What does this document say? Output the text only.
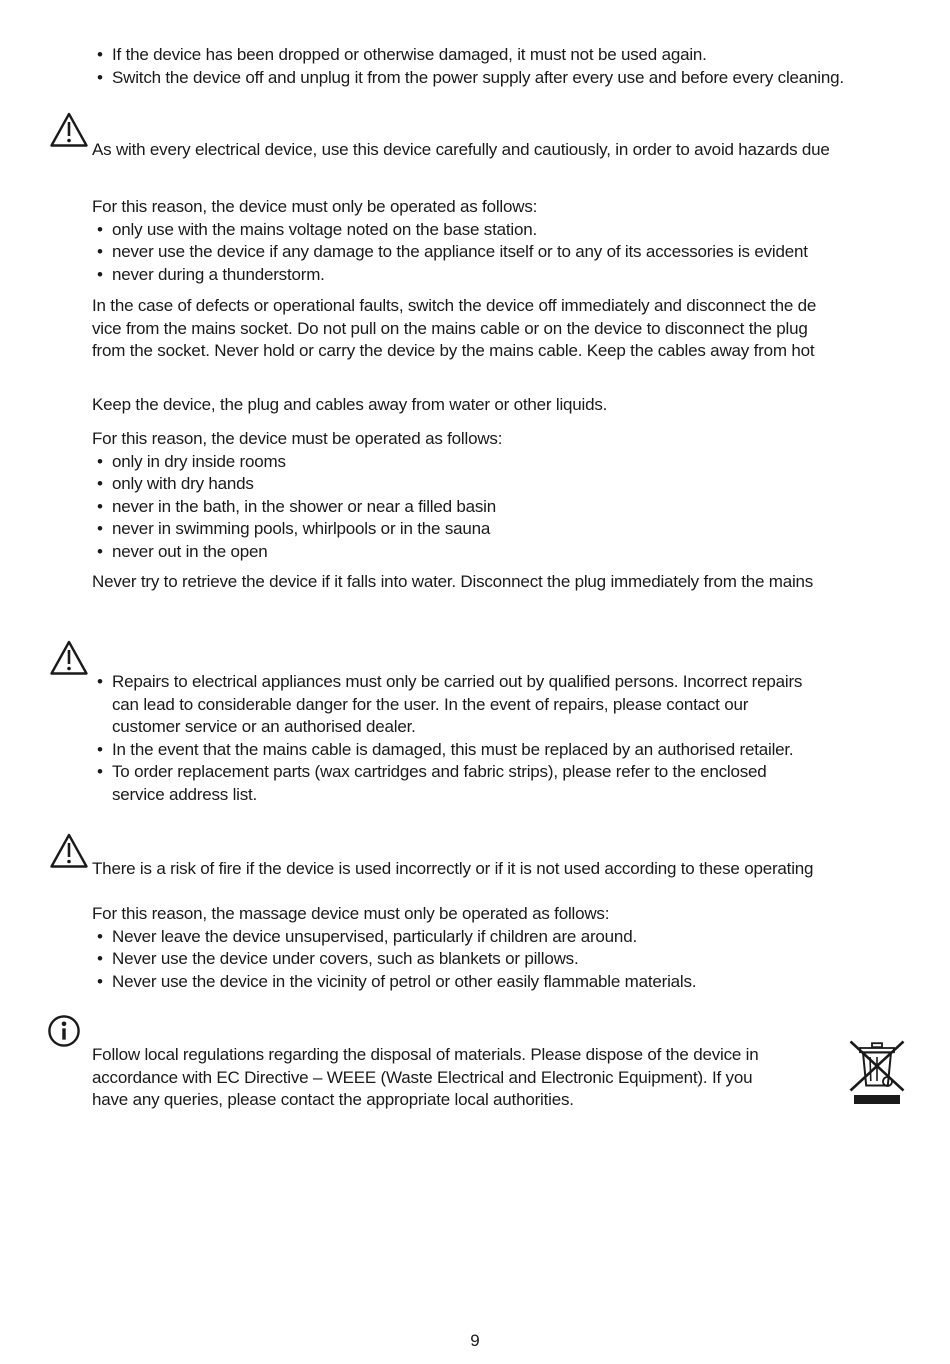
• If the device has been dropped or otherwise damaged, it must not be used again.
• Switch the device off and unplug it from the power supply after every use and before every cleaning.
As with every electrical device, use this device carefully and cautiously, in order to avoid hazards due
For this reason, the device must only be operated as follows:
• only use with the mains voltage noted on the base station.
• never use the device if any damage to the appliance itself or to any of its accessories is evident
• never during a thunderstorm.
In the case of defects or operational faults, switch the device off immediately and disconnect the de
vice from the mains socket. Do not pull on the mains cable or on the device to disconnect the plug
from the socket. Never hold or carry the device by the mains cable. Keep the cables away from hot
Keep the device, the plug and cables away from water or other liquids.
For this reason, the device must be operated as follows:
• only in dry inside rooms
• only with dry hands
• never in the bath, in the shower or near a filled basin
• never in swimming pools, whirlpools or in the sauna
• never out in the open
Never try to retrieve the device if it falls into water. Disconnect the plug immediately from the mains
• Repairs to electrical appliances must only be carried out by qualified persons. Incorrect repairs
can lead to considerable danger for the user. In the event of repairs, please contact our
customer service or an authorised dealer.
• In the event that the mains cable is damaged, this must be replaced by an authorised retailer.
• To order replacement parts (wax cartridges and fabric strips), please refer to the enclosed
service address list.
There is a risk of fire if the device is used incorrectly or if it is not used according to these operating
For this reason, the massage device must only be operated as follows:
• Never leave the device unsupervised, particularly if children are around.
• Never use the device under covers, such as blankets or pillows.
• Never use the device in the vicinity of petrol or other easily flammable materials.
Follow local regulations regarding the disposal of materials. Please dispose of the device in
accordance with EC Directive – WEEE (Waste Electrical and Electronic Equipment). If you
have any queries, please contact the appropriate local authorities.
9
